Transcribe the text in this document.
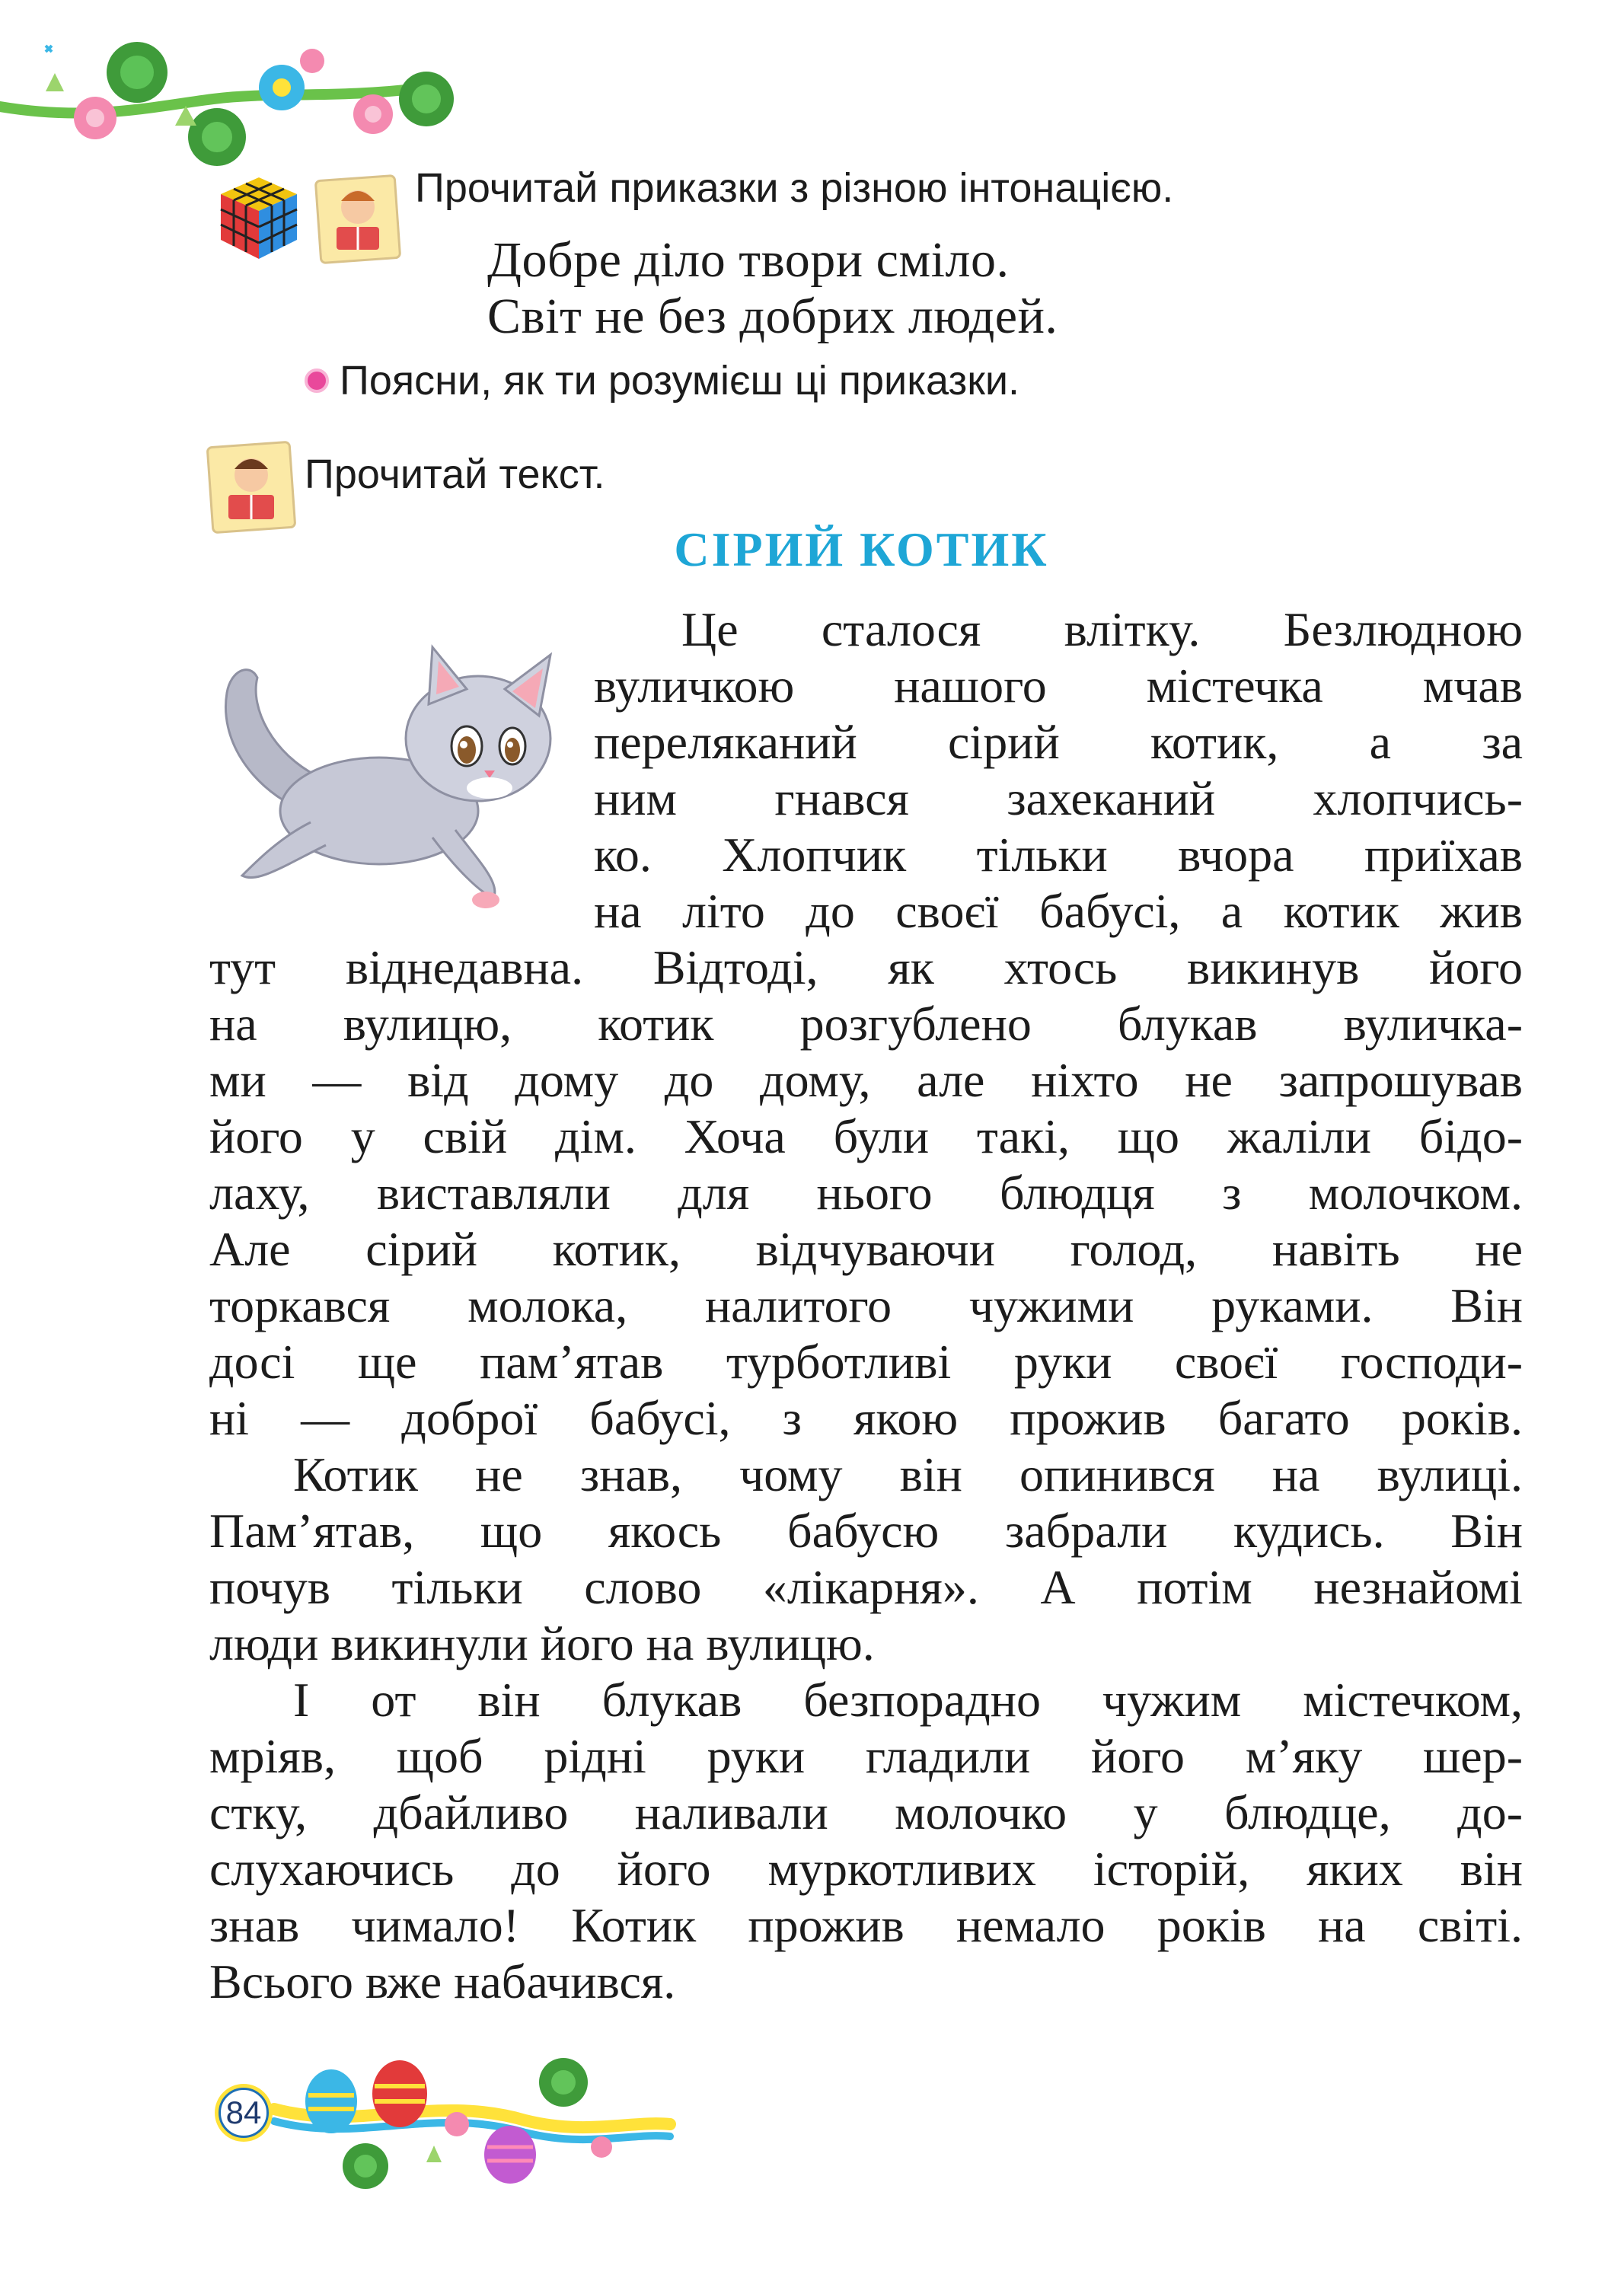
Прочитай приказки з різною інтонацією.
Добре діло твори сміло.
Світ не без добрих людей.
Поясни, як ти розумієш ці приказки.
Прочитай текст.
СІРИЙ КОТИК
Це сталося влітку. Безлюдною
вуличкою нашого містечка мчав
переляканий сірий котик, а за
ним гнався захеканий хлопчись-
ко. Хлопчик тільки вчора приїхав
на літо до своєї бабусі, а котик жив
тут віднедавна. Відтоді, як хтось викинув його
на вулицю, котик розгублено блукав вуличка-
ми — від дому до дому, але ніхто не запрошував
його у свій дім. Хоча були такі, що жаліли бідо-
лаху, виставляли для нього блюдця з молочком.
Але сірий котик, відчуваючи голод, навіть не
торкався молока, налитого чужими руками. Він
досі ще пам’ятав турботливі руки своєї господи-
ні — доброї бабусі, з якою прожив багато років.
Котик не знав, чому він опинився на вулиці.
Пам’ятав, що якось бабусю забрали кудись. Він
почув тільки слово «лікарня». А потім незнайомі
люди викинули його на вулицю.
І от він блукав безпорадно чужим містечком,
мріяв, щоб рідні руки гладили його м’яку шер-
стку, дбайливо наливали молочко у блюдце, до-
слухаючись до його муркотливих історій, яких він
знав чимало! Котик прожив немало років на світі.
Всього вже набачився.
84
